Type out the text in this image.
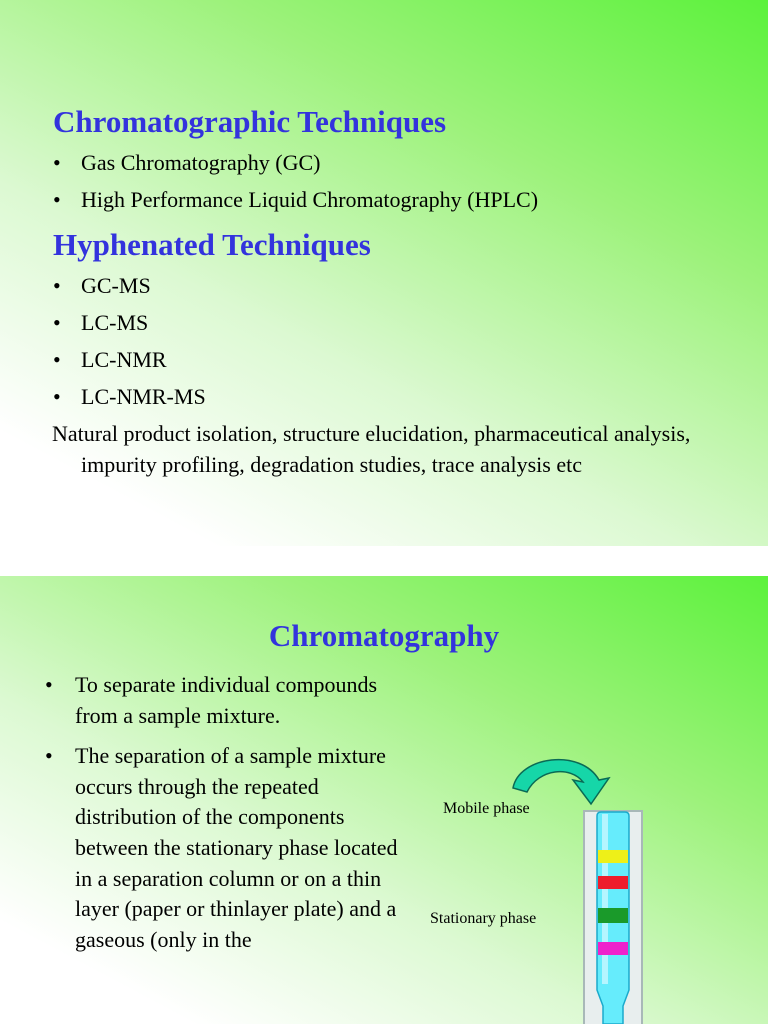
Chromatographic Techniques
• Gas Chromatography (GC)
• High Performance Liquid Chromatography (HPLC)
Hyphenated Techniques
• GC-MS
• LC-MS
• LC-NMR
• LC-NMR-MS

Natural product isolation, structure elucidation, pharmaceutical analysis, impurity profiling, degradation studies, trace analysis etc

Chromatography
• To separate individual compounds from a sample mixture.
• The separation of a sample mixture occurs through the repeated distribution of the components between the stationary phase located in a separation column or on a thin layer (paper or thinlayer plate) and a gaseous (only in the
Mobile phase
Stationary phase
